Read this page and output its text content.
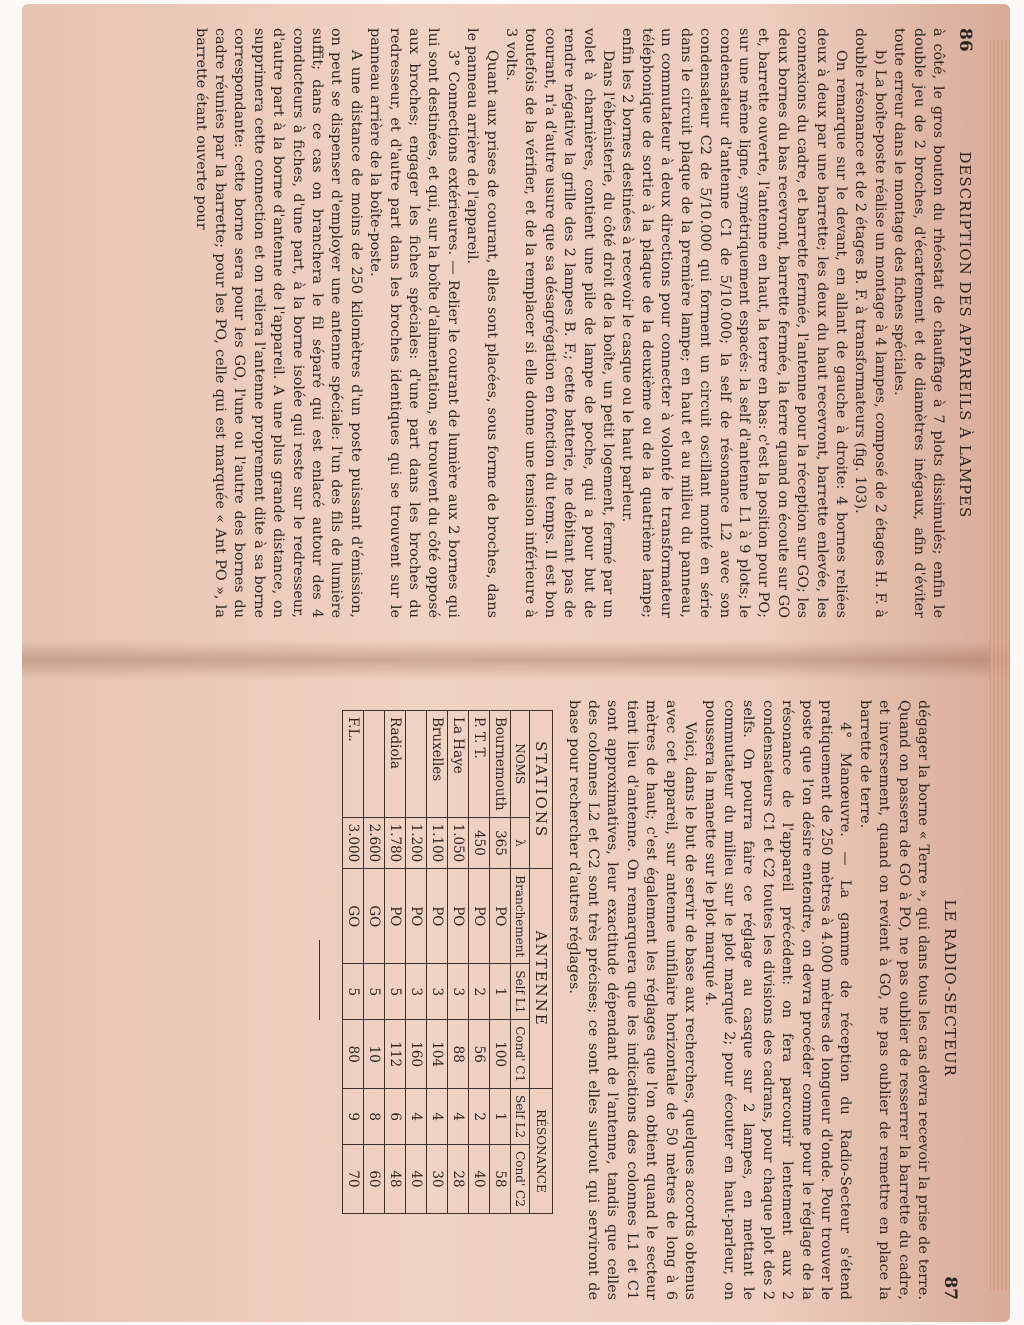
86
DESCRIPTION DES APPAREILS À LAMPES

à côté, le gros bouton du rhéostat de chauffage à 7 plots dissimulés; enfin le double jeu de 2 broches, d'écartement et de diamètres inégaux, afin d'éviter toute erreur dans le montage des fiches spéciales.

b) La boîte-poste réalise un montage à 4 lampes, composé de 2 étages H. F. à double résonance et de 2 étages B. F. à transformateurs (fig. 103).

On remarque sur le devant, en allant de gauche à droite: 4 bornes reliées deux à deux par une barrette; les deux du haut recevront, barrette enlevée, les connexions du cadre, et barrette fermée, l'antenne pour la réception sur GO; les deux bornes du bas recevront, barrette fermée, la terre quand on écoute sur GO et, barrette ouverte, l'antenne en haut, la terre en bas: c'est la position pour PO; sur une même ligne, symétriquement espacés: la self d'antenne L1 à 9 plots; le condensateur d'antenne C1 de 5/10.000; la self de résonance L2 avec son condensateur C2 de 5/10.000 qui forment un circuit oscillant monté en série dans le circuit plaque de la première lampe; en haut et au milieu du panneau, un commutateur à deux directions pour connecter à volonté le transformateur téléphonique de sortie à la plaque de la deuxième ou de la quatrième lampe; enfin les 2 bornes destinées à recevoir le casque ou le haut parleur.

Dans l'ébénisterie, du côté droit de la boîte, un petit logement, fermé par un volet à charnières, contient une pile de lampe de poche, qui a pour but de rendre négative la grille des 2 lampes B. F.; cette batterie, ne débitant pas de courant, n'a d'autre usure que sa désagrégation en fonction du temps. Il est bon toutefois de la vérifier, et de la remplacer si elle donne une tension inférieure à 3 volts.

Quant aux prises de courant, elles sont placées, sous forme de broches, dans le panneau arrière de l'appareil.

3° Connections extérieures. — Relier le courant de lumière aux 2 bornes qui lui sont destinées, et qui, sur la boîte d'alimentation, se trouvent du côté opposé aux broches; engager les fiches spéciales: d'une part dans les broches du redresseur, et d'autre part dans les broches identiques qui se trouvent sur le panneau arrière de la boîte-poste.

A une distance de moins de 250 kilomètres d'un poste puissant d'émission, on peut se dispenser d'employer une antenne spéciale: l'un des fils de lumière suffit; dans ce cas on branchera le fil séparé qui est enlacé autour des 4 conducteurs à fiches, d'une part, à la borne isolée qui reste sur le redresseur, d'autre part à la borne d'antenne de l'appareil. A une plus grande distance, on supprimera cette connection et on reliera l'antenne proprement dite à sa borne correspondante: cette borne sera pour les GO, l'une ou l'autre des bornes du cadre réunies par la barrette; pour les PO, celle qui est marquée « Ant PO », la barrette étant ouverte pour

LE RADIO-SECTEUR
87

dégager la borne « Terre », qui dans tous les cas devra recevoir la prise de terre. Quand on passera de GO à PO, ne pas oublier de resserrer la barrette du cadre, et inversement, quand on revient à GO, ne pas oublier de remettre en place la barrette de terre.

4° Manœuvre. — La gamme de réception du Radio-Secteur s'étend pratiquement de 250 mètres à 4.000 mètres de longueur d'onde. Pour trouver le poste que l'on désire entendre, on devra procéder comme pour le réglage de la résonance de l'appareil précédent: on fera parcourir lentement aux 2 condensateurs C1 et C2 toutes les divisions des cadrans, pour chaque plot des 2 selfs. On pourra faire ce réglage au casque sur 2 lampes, en mettant le commutateur du milieu sur le plot marqué 2; pour écouter en haut-parleur, on poussera la manette sur le plot marqué 4.

Voici, dans le but de servir de base aux recherches, quelques accords obtenus avec cet appareil, sur antenne unifilaire horizontale de 50 mètres de long à 6 mètres de haut; c'est également les réglages que l'on obtient quand le secteur tient lieu d'antenne. On remarquera que les indications des colonnes L1 et C1 sont approximatives, leur exactitude dépendant de l'antenne, tandis que celles des colonnes L2 et C2 sont très précises; ce sont elles surtout qui serviront de base pour rechercher d'autres réglages.

STATIONS		ANTENNE			RÉSONANCE	
NOMS	λ	Branchement	Self L1	Cond' C1	Self L2	Cond' C2
Bournemouth	365	PO	1	100	1	58
P. T. T.	450	PO	2	56	2	40
La Haye	1.050	PO	3	88	4	28
Bruxelles	1.100	PO	3	104	4	30
	1.200	PO	3	160	4	40
Radiola	1.780	PO	5	112	6	48
	2.600	GO	5	10	8	60
F.L.	3.000	GO	5	80	9	70
